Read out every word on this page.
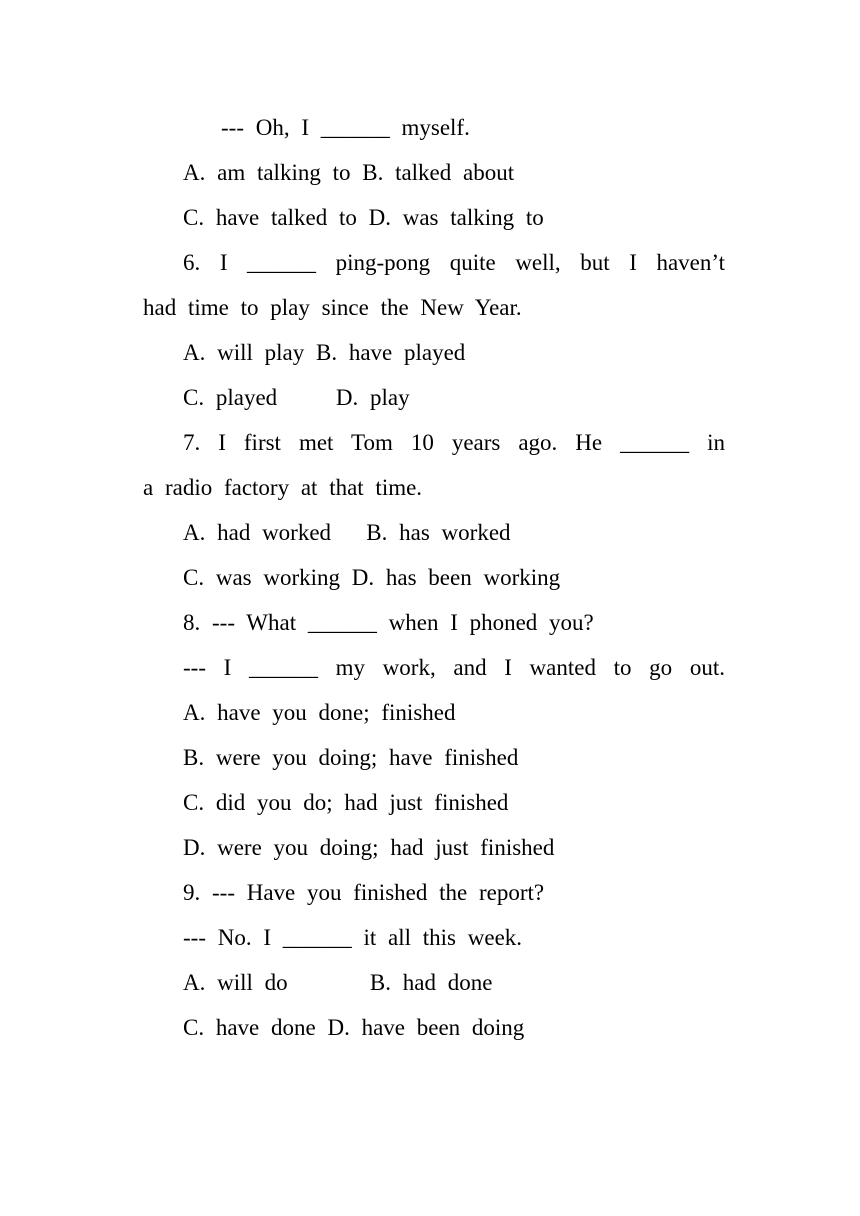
--- Oh, I ______ myself.

A. am talking to B. talked about

C. have talked to D. was talking to

6. I ______ ping-pong quite well, but I haven’t

had time to play since the New Year.

A. will play B. have played

C. played     D. play

7. I first met Tom 10 years ago. He ______ in

a radio factory at that time.

A. had worked   B. has worked

C. was working D. has been working

8. --- What ______ when I phoned you?

--- I ______ my work, and I wanted to go out.

A. have you done; finished

B. were you doing; have finished

C. did you do; had just finished

D. were you doing; had just finished

9. --- Have you finished the report?

--- No. I ______ it all this week.

A. will do       B. had done

C. have done D. have been doing
